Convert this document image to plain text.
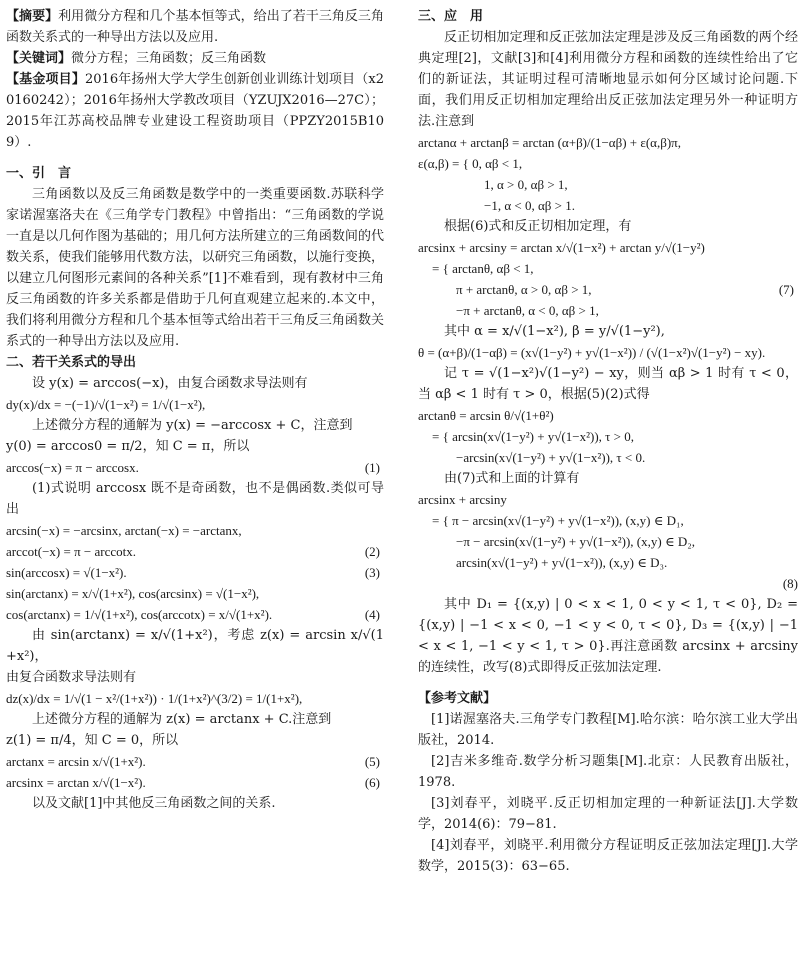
【摘要】利用微分方程和几个基本恒等式，给出了若干三角反三角函数关系式的一种导出方法以及应用.

【关键词】微分方程；三角函数；反三角函数

【基金项目】2016年扬州大学大学生创新创业训练计划项目（x20160242）；2016年扬州大学教改项目（YZUJX2016—27C）；2015年江苏高校品牌专业建设工程资助项目（PPZY2015B109）.

一、引　言

三角函数以及反三角函数是数学中的一类重要函数.苏联科学家诺渥塞洛夫在《三角学专门教程》中曾指出：“三角函数的学说一直是以几何作图为基础的；用几何方法所建立的三角函数间的代数关系，使我们能够用代数方法，以研究三角函数，以施行变换，以建立几何图形元素间的各种关系”[1]不难看到，现有教材中三角反三角函数的许多关系都是借助于几何直观建立起来的.本文中，我们将利用微分方程和几个基本恒等式给出若干三角反三角函数关系式的一种导出方法以及应用.

二、若干关系式的导出

设 y(x) = arccos(−x)，由复合函数求导法则有

dy(x)/dx = −(−1)/√(1−x²) = 1/√(1−x²),

上述微分方程的通解为 y(x) = −arccosx + C，注意到

y(0) = arccos0 = π/2，知 C = π，所以

arccos(−x) = π − arccosx.	(1)

(1)式说明 arccosx 既不是奇函数，也不是偶函数.类似可导出

arcsin(−x) = −arcsinx, arctan(−x) = −arctanx,

arccot(−x) = π − arccotx.	(2)

sin(arccosx) = √(1−x²).	(3)

sin(arctanx) = x/√(1+x²), cos(arcsinx) = √(1−x²),

cos(arctanx) = 1/√(1+x²), cos(arccotx) = x/√(1+x²).	(4)

由 sin(arctanx) = x/√(1+x²)，考虑 z(x) = arcsin x/√(1+x²)，

由复合函数求导法则有

dz(x)/dx = 1/√(1 − x²/(1+x²)) · 1/(1+x²)^(3/2) = 1/(1+x²),

上述微分方程的通解为 z(x) = arctanx + C.注意到

z(1) = π/4，知 C = 0，所以

arctanx = arcsin x/√(1+x²).	(5)

arcsinx = arctan x/√(1−x²).	(6)

以及文献[1]中其他反三角函数之间的关系.

三、应　用

反正切相加定理和反正弦加法定理是涉及反三角函数的两个经典定理[2]，文献[3]和[4]利用微分方程和函数的连续性给出了它们的新证法，其证明过程可清晰地显示如何分区域讨论问题.下面，我们用反正切相加定理给出反正弦加法定理另外一种证明方法.注意到

arctanα + arctanβ = arctan (α+β)/(1−αβ) + ε(α,β)π,

ε(α,β) = { 0, αβ < 1,

1, α > 0, αβ > 1,

−1, α < 0, αβ > 1.

根据(6)式和反正切相加定理，有

arcsinx + arcsiny = arctan x/√(1−x²) + arctan y/√(1−y²)

= { arctanθ, αβ < 1,

π + arctanθ, α > 0, αβ > 1,	(7)

−π + arctanθ, α < 0, αβ > 1,

其中 α = x/√(1−x²), β = y/√(1−y²),

θ = (α+β)/(1−αβ) = (x√(1−y²) + y√(1−x²)) / (√(1−x²)√(1−y²) − xy).

记 τ = √(1−x²)√(1−y²) − xy，则当 αβ > 1 时有 τ < 0，当 αβ < 1 时有 τ > 0，根据(5)(2)式得

arctanθ = arcsin θ/√(1+θ²)

= { arcsin(x√(1−y²) + y√(1−x²)), τ > 0,

−arcsin(x√(1−y²) + y√(1−x²)), τ < 0.

由(7)式和上面的计算有

arcsinx + arcsiny

= { π − arcsin(x√(1−y²) + y√(1−x²)), (x,y) ∈ D₁,

−π − arcsin(x√(1−y²) + y√(1−x²)), (x,y) ∈ D₂,

arcsin(x√(1−y²) + y√(1−x²)), (x,y) ∈ D₃.

(8)

其中 D₁ = {(x,y) | 0 < x < 1, 0 < y < 1, τ < 0}, D₂ = {(x,y) | −1 < x < 0, −1 < y < 0, τ < 0}, D₃ = {(x,y) | −1 < x < 1, −1 < y < 1, τ > 0}.再注意函数 arcsinx + arcsiny 的连续性，改写(8)式即得反正弦加法定理.

【参考文献】

[1]诺渥塞洛夫.三角学专门教程[M].哈尔滨：哈尔滨工业大学出版社，2014.

[2]吉米多维奇.数学分析习题集[M].北京：人民教育出版社，1978.

[3]刘春平，刘晓平.反正切相加定理的一种新证法[J].大学数学，2014(6)：79−81.

[4]刘春平，刘晓平.利用微分方程证明反正弦加法定理[J].大学数学，2015(3)：63−65.
